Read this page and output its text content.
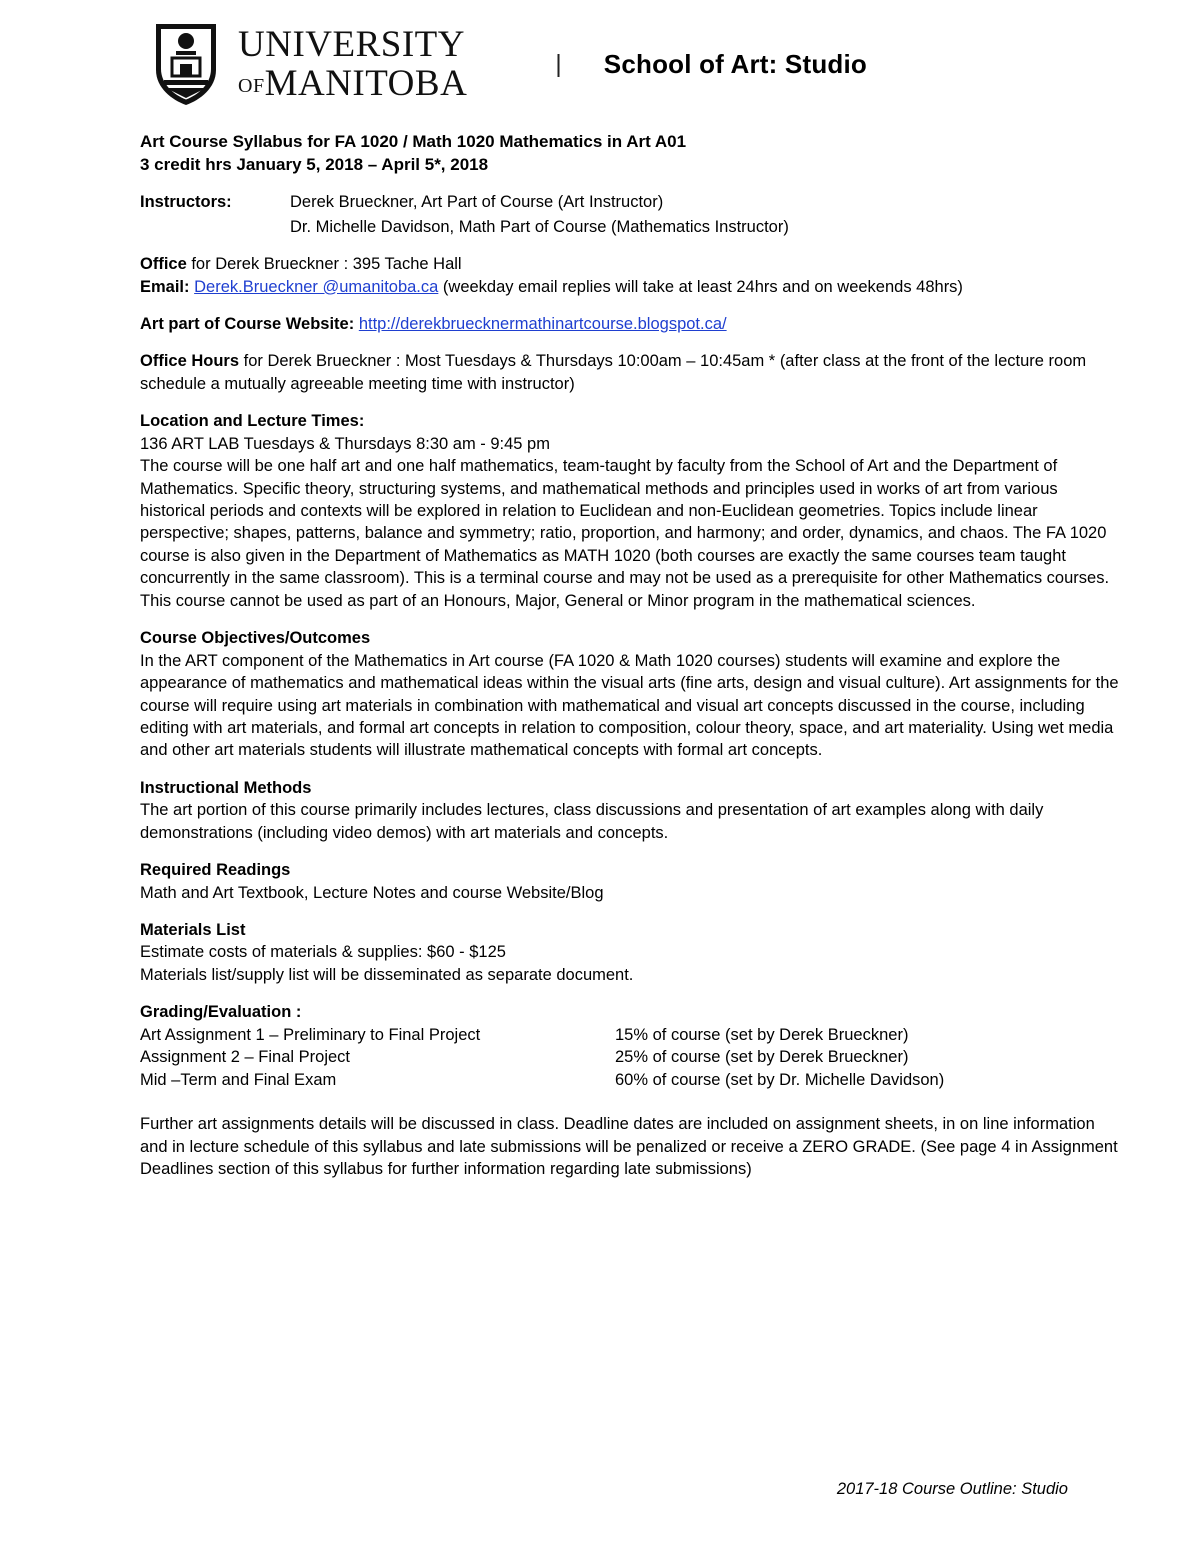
UNIVERSITY
OFMANITOBA	| School of Art: Studio

Art Course Syllabus for FA 1020 / Math 1020 Mathematics in Art A01

3 credit hrs January 5, 2018 – April 5*, 2018

Instructors:	Derek Brueckner, Art Part of Course (Art Instructor)
Dr. Michelle Davidson, Math Part of Course (Mathematics Instructor)

Office for Derek Brueckner : 395 Tache Hall

Email: Derek.Brueckner @umanitoba.ca (weekday email replies will take at least 24hrs and on weekends 48hrs)

Art part of Course Website: http://derekbruecknermathinartcourse.blogspot.ca/

Office Hours for Derek Brueckner : Most Tuesdays & Thursdays 10:00am – 10:45am * (after class at the front of the lecture room schedule a mutually agreeable meeting time with instructor)

Location and Lecture Times:

136 ART LAB Tuesdays & Thursdays 8:30 am - 9:45 pm

The course will be one half art and one half mathematics, team-taught by faculty from the School of Art and the Department of Mathematics. Specific theory, structuring systems, and mathematical methods and principles used in works of art from various historical periods and contexts will be explored in relation to Euclidean and non-Euclidean geometries. Topics include linear perspective; shapes, patterns, balance and symmetry; ratio, proportion, and harmony; and order, dynamics, and chaos. The FA 1020 course is also given in the Department of Mathematics as MATH 1020 (both courses are exactly the same courses team taught concurrently in the same classroom). This is a terminal course and may not be used as a prerequisite for other Mathematics courses. This course cannot be used as part of an Honours, Major, General or Minor program in the mathematical sciences.

Course Objectives/Outcomes

In the ART component of the Mathematics in Art course (FA 1020 & Math 1020 courses) students will examine and explore the appearance of mathematics and mathematical ideas within the visual arts (fine arts, design and visual culture). Art assignments for the course will require using art materials in combination with mathematical and visual art concepts discussed in the course, including editing with art materials, and formal art concepts in relation to composition, colour theory, space, and art materiality. Using wet media and other art materials students will illustrate mathematical concepts with formal art concepts.

Instructional Methods

The art portion of this course primarily includes lectures, class discussions and presentation of art examples along with daily demonstrations (including video demos) with art materials and concepts.

Required Readings

Math and Art Textbook, Lecture Notes and course Website/Blog

Materials List

Estimate costs of materials & supplies: $60 - $125

Materials list/supply list will be disseminated as separate document.

Grading/Evaluation :

Art Assignment 1 – Preliminary to Final Project	15% of course (set by Derek Brueckner)
Assignment 2 – Final Project	25% of course (set by Derek Brueckner)
Mid –Term and Final Exam	60% of course (set by Dr. Michelle Davidson)

Further art assignments details will be discussed in class. Deadline dates are included on assignment sheets, in on line information and in lecture schedule of this syllabus and late submissions will be penalized or receive a ZERO GRADE. (See page 4 in Assignment Deadlines section of this syllabus for further information regarding late submissions)

2017-18 Course Outline: Studio
